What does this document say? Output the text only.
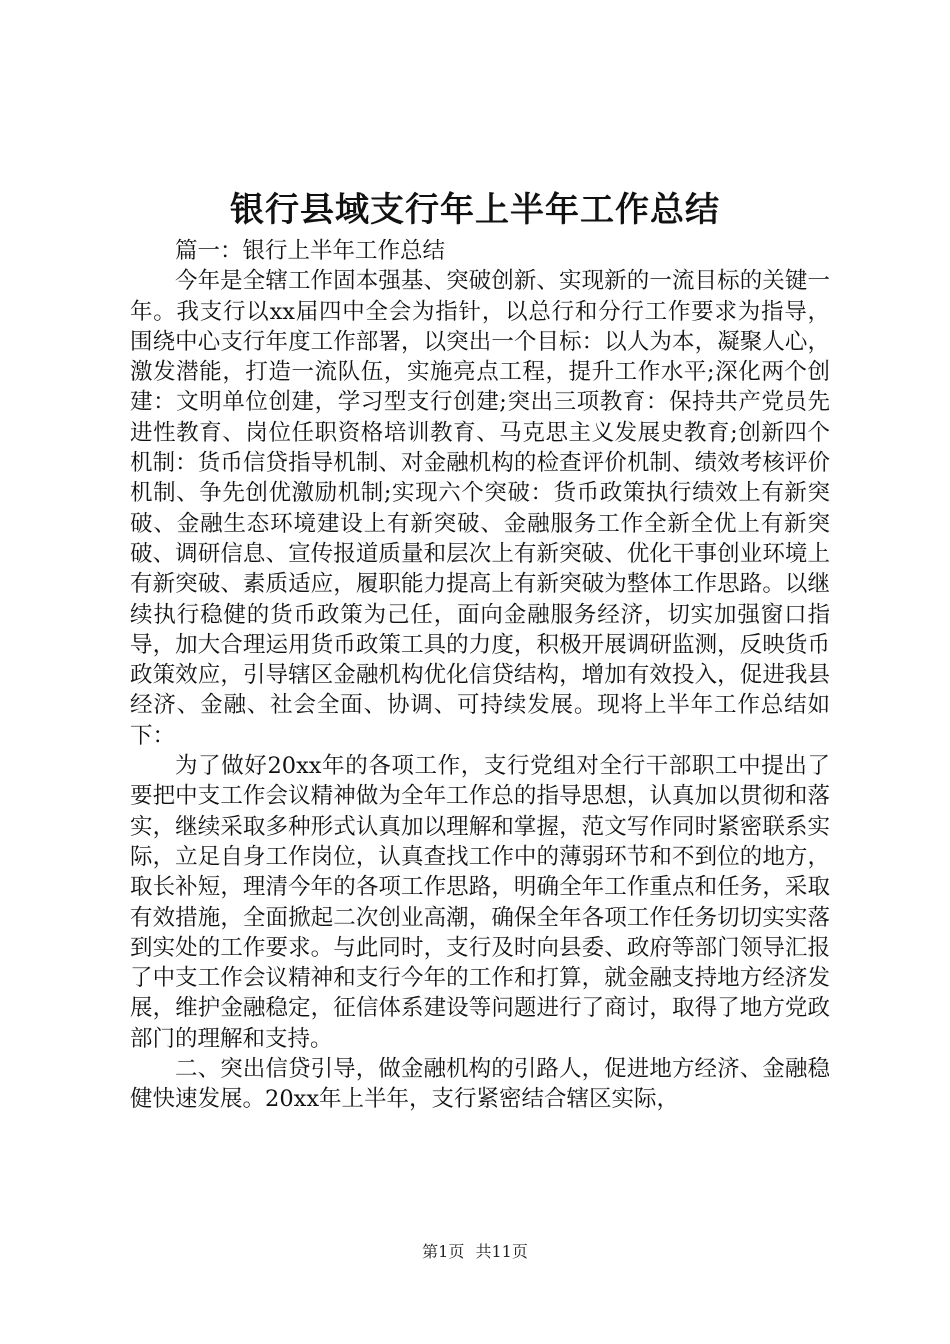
银行县域支行年上半年工作总结

篇一：银行上半年工作总结

今年是全辖工作固本强基、突破创新、实现新的一流目标的关键一年。我支行以xx届四中全会为指针，以总行和分行工作要求为指导，围绕中心支行年度工作部署，以突出一个目标：以人为本，凝聚人心，激发潜能，打造一流队伍，实施亮点工程，提升工作水平;深化两个创建：文明单位创建，学习型支行创建;突出三项教育：保持共产党员先进性教育、岗位任职资格培训教育、马克思主义发展史教育;创新四个机制：货币信贷指导机制、对金融机构的检查评价机制、绩效考核评价机制、争先创优激励机制;实现六个突破：货币政策执行绩效上有新突破、金融生态环境建设上有新突破、金融服务工作全新全优上有新突破、调研信息、宣传报道质量和层次上有新突破、优化干事创业环境上有新突破、素质适应，履职能力提高上有新突破为整体工作思路。以继续执行稳健的货币政策为己任，面向金融服务经济，切实加强窗口指导，加大合理运用货币政策工具的力度，积极开展调研监测，反映货币政策效应，引导辖区金融机构优化信贷结构，增加有效投入，促进我县经济、金融、社会全面、协调、可持续发展。现将上半年工作总结如下：

为了做好20xx年的各项工作，支行党组对全行干部职工中提出了要把中支工作会议精神做为全年工作总的指导思想，认真加以贯彻和落实，继续采取多种形式认真加以理解和掌握，范文写作同时紧密联系实际，立足自身工作岗位，认真查找工作中的薄弱环节和不到位的地方，取长补短，理清今年的各项工作思路，明确全年工作重点和任务，采取有效措施，全面掀起二次创业高潮，确保全年各项工作任务切切实实落到实处的工作要求。与此同时，支行及时向县委、政府等部门领导汇报了中支工作会议精神和支行今年的工作和打算，就金融支持地方经济发展，维护金融稳定，征信体系建设等问题进行了商讨，取得了地方党政部门的理解和支持。

二、突出信贷引导，做金融机构的引路人，促进地方经济、金融稳健快速发展。20xx年上半年，支行紧密结合辖区实际，

第1页 共11页
